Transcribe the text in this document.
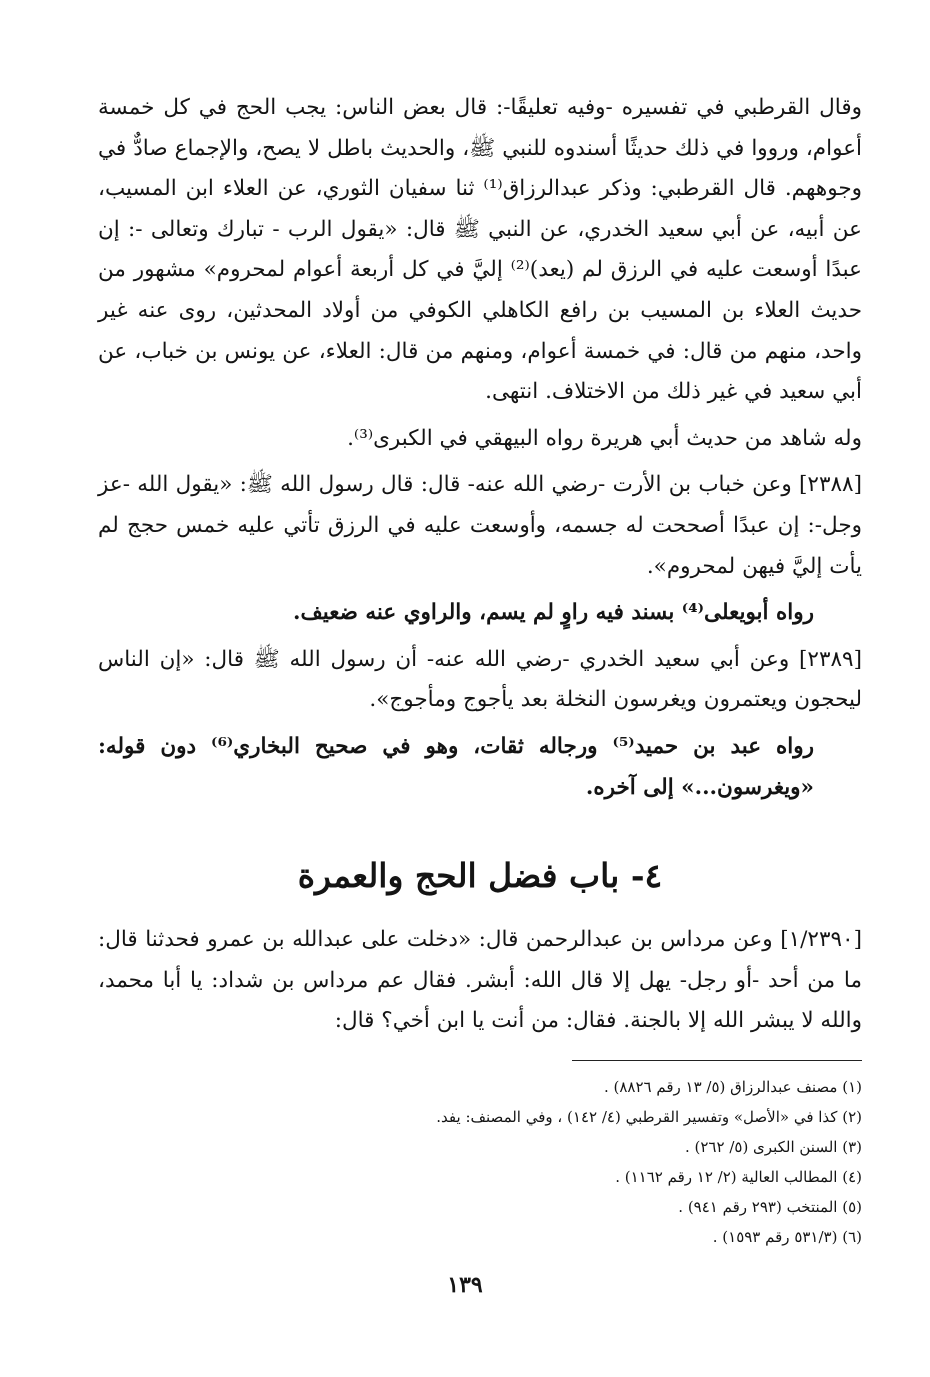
وقال القرطبي في تفسيره -وفيه تعليقًا-: قال بعض الناس: يجب الحج في كل خمسة أعوام، ورووا في ذلك حديثًا أسندوه للنبي ﷺ، والحديث باطل لا يصح، والإجماع صادٌّ في وجوههم. قال القرطبي: وذكر عبدالرزاق⁽¹⁾ ثنا سفيان الثوري، عن العلاء ابن المسيب، عن أبيه، عن أبي سعيد الخدري، عن النبي ﷺ قال: «يقول الرب - تبارك وتعالى -: إن عبدًا أوسعت عليه في الرزق لم (يعد)⁽²⁾ إليَّ في كل أربعة أعوام لمحروم» مشهور من حديث العلاء بن المسيب بن رافع الكاهلي الكوفي من أولاد المحدثين، روى عنه غير واحد، منهم من قال: في خمسة أعوام، ومنهم من قال: العلاء، عن يونس بن خباب، عن أبي سعيد في غير ذلك من الاختلاف. انتهى.

وله شاهد من حديث أبي هريرة رواه البيهقي في الكبرى⁽³⁾.

[٢٣٨٨] وعن خباب بن الأرت -رضي الله عنه- قال: قال رسول الله ﷺ: «يقول الله -عز وجل-: إن عبدًا أصححت له جسمه، وأوسعت عليه في الرزق تأتي عليه خمس حجج لم يأت إليَّ فيهن لمحروم».

رواه أبويعلى⁽⁴⁾ بسند فيه راوٍ لم يسم، والراوي عنه ضعيف.

[٢٣٨٩] وعن أبي سعيد الخدري -رضي الله عنه- أن رسول الله ﷺ قال: «إن الناس ليحجون ويعتمرون ويغرسون النخلة بعد يأجوج ومأجوج».

رواه عبد بن حميد⁽⁵⁾ ورجاله ثقات، وهو في صحيح البخاري⁽⁶⁾ دون قوله: «ويغرسون...» إلى آخره.

٤- باب فضل الحج والعمرة

[١/٢٣٩٠] وعن مرداس بن عبدالرحمن قال: «دخلت على عبدالله بن عمرو فحدثنا قال: ما من أحد -أو رجل- يهل إلا قال الله: أبشر. فقال عم مرداس بن شداد: يا أبا محمد، والله لا يبشر الله إلا بالجنة. فقال: من أنت يا ابن أخي؟ قال:

(١) مصنف عبدالرزاق (٥/ ١٣ رقم ٨٨٢٦) .

(٢) كذا في «الأصل» وتفسير القرطبي (٤/ ١٤٢) ، وفي المصنف: يفد.

(٣) السنن الكبرى (٥/ ٢٦٢) .

(٤) المطالب العالية (٢/ ١٢ رقم ١١٦٢) .

(٥) المنتخب (٢٩٣ رقم ٩٤١) .

(٦) (٥٣١/٣ رقم ١٥٩٣) .

١٣٩
